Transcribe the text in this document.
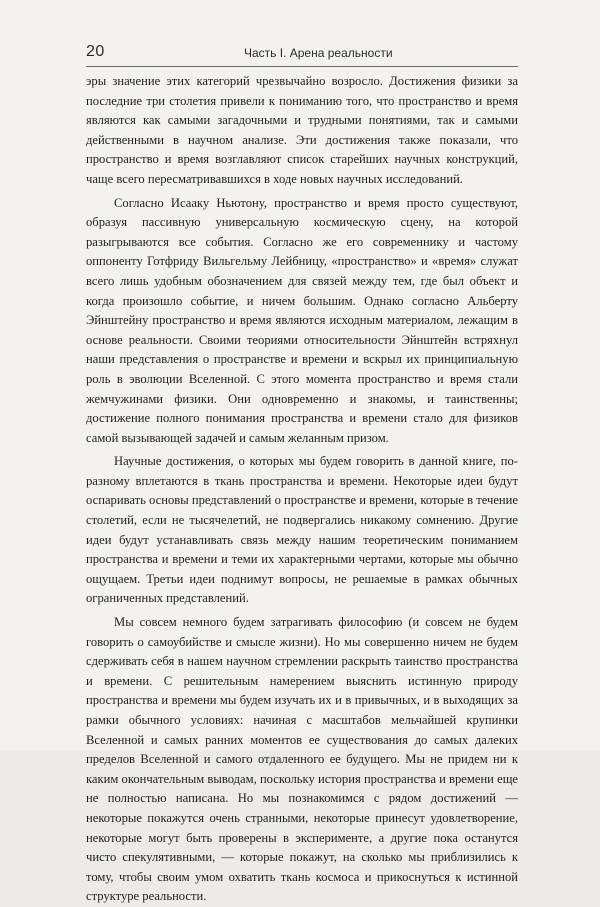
20	Часть I. Арена реальности

эры значение этих категорий чрезвычайно возросло. Достижения физики за последние три столетия привели к пониманию того, что пространство и время являются как самыми загадочными и трудными понятиями, так и самыми действенными в научном анализе. Эти достижения также показали, что пространство и время возглавляют список старейших научных конструкций, чаще всего пересматривавшихся в ходе новых научных исследований.

Согласно Исааку Ньютону, пространство и время просто существуют, образуя пассивную универсальную космическую сцену, на которой разыгрываются все события. Согласно же его современнику и частому оппоненту Готфриду Вильгельму Лейбницу, «пространство» и «время» служат всего лишь удобным обозначением для связей между тем, где был объект и когда произошло событие, и ничем большим. Однако согласно Альберту Эйнштейну пространство и время являются исходным материалом, лежащим в основе реальности. Своими теориями относительности Эйнштейн встряхнул наши представления о пространстве и времени и вскрыл их принципиальную роль в эволюции Вселенной. С этого момента пространство и время стали жемчужинами физики. Они одновременно и знакомы, и таинственны; достижение полного понимания пространства и времени стало для физиков самой вызывающей задачей и самым желанным призом.

Научные достижения, о которых мы будем говорить в данной книге, по-разному вплетаются в ткань пространства и времени. Некоторые идеи будут оспаривать основы представлений о пространстве и времени, которые в течение столетий, если не тысячелетий, не подвергались никакому сомнению. Другие идеи будут устанавливать связь между нашим теоретическим пониманием пространства и времени и теми их характерными чертами, которые мы обычно ощущаем. Третьи идеи поднимут вопросы, не решаемые в рамках обычных ограниченных представлений.

Мы совсем немного будем затрагивать философию (и совсем не будем говорить о самоубийстве и смысле жизни). Но мы совершенно ничем не будем сдерживать себя в нашем научном стремлении раскрыть таинство пространства и времени. С решительным намерением выяснить истинную природу пространства и времени мы будем изучать их и в привычных, и в выходящих за рамки обычного условиях: начиная с масштабов мельчайшей крупинки Вселенной и самых ранних моментов ее существования до самых далеких пределов Вселенной и самого отдаленного ее будущего. Мы не придем ни к каким окончательным выводам, поскольку история пространства и времени еще не полностью написана. Но мы познакомимся с рядом достижений — некоторые покажутся очень странными, некоторые принесут удовлетворение, некоторые могут быть проверены в эксперименте, а другие пока останутся чисто спекулятивными, — которые покажут, на сколько мы приблизились к тому, чтобы своим умом охватить ткань космоса и прикоснуться к истинной структуре реальности.
